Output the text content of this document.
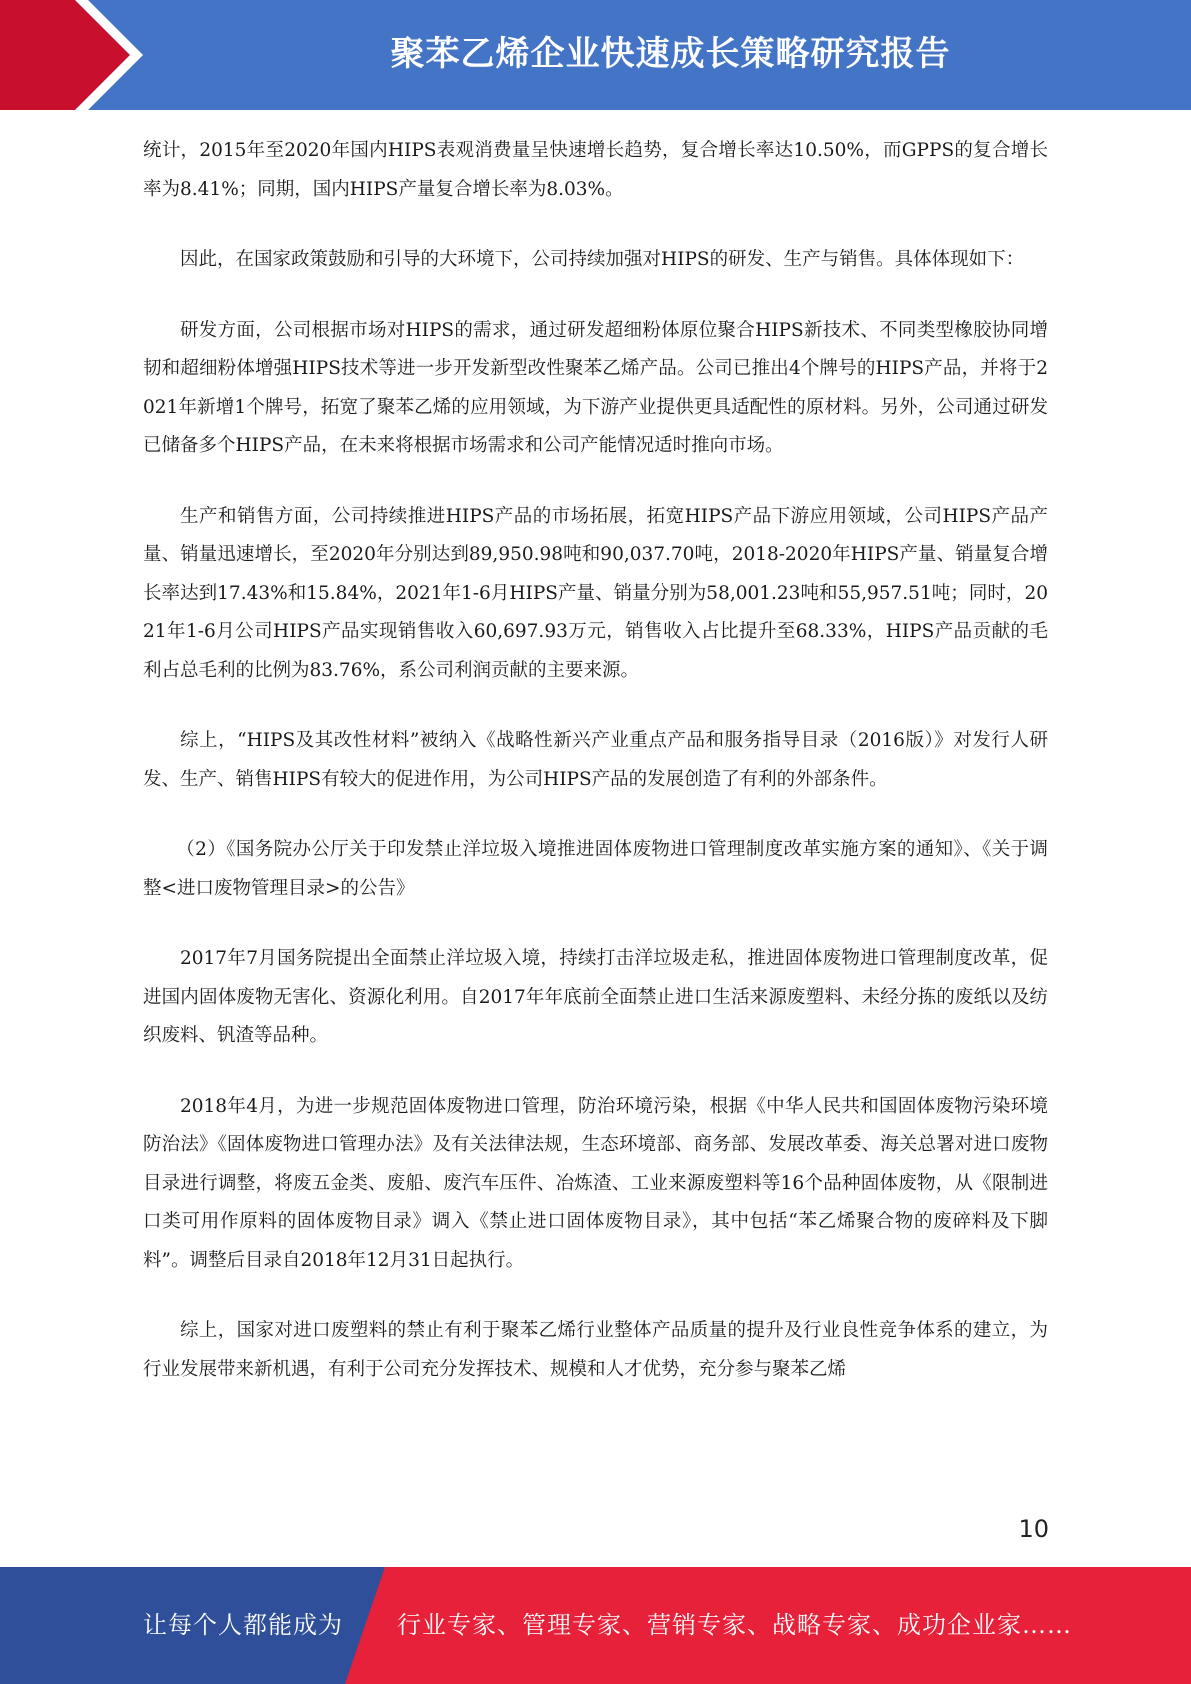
聚苯乙烯企业快速成长策略研究报告

统计，2015年至2020年国内HIPS表观消费量呈快速增长趋势，复合增长率达10.50%，而GPPS的复合增长率为8.41%；同期，国内HIPS产量复合增长率为8.03%。

因此，在国家政策鼓励和引导的大环境下，公司持续加强对HIPS的研发、生产与销售。具体体现如下：

研发方面，公司根据市场对HIPS的需求，通过研发超细粉体原位聚合HIPS新技术、不同类型橡胶协同增韧和超细粉体增强HIPS技术等进一步开发新型改性聚苯乙烯产品。公司已推出4个牌号的HIPS产品，并将于2021年新增1个牌号，拓宽了聚苯乙烯的应用领域，为下游产业提供更具适配性的原材料。另外，公司通过研发已储备多个HIPS产品，在未来将根据市场需求和公司产能情况适时推向市场。

生产和销售方面，公司持续推进HIPS产品的市场拓展，拓宽HIPS产品下游应用领域，公司HIPS产品产量、销量迅速增长，至2020年分别达到89,950.98吨和90,037.70吨，2018-2020年HIPS产量、销量复合增长率达到17.43%和15.84%，2021年1-6月HIPS产量、销量分别为58,001.23吨和55,957.51吨；同时，2021年1-6月公司HIPS产品实现销售收入60,697.93万元，销售收入占比提升至68.33%，HIPS产品贡献的毛利占总毛利的比例为83.76%，系公司利润贡献的主要来源。

综上，“HIPS及其改性材料”被纳入《战略性新兴产业重点产品和服务指导目录（2016版）》对发行人研发、生产、销售HIPS有较大的促进作用，为公司HIPS产品的发展创造了有利的外部条件。

（2）《国务院办公厅关于印发禁止洋垃圾入境推进固体废物进口管理制度改革实施方案的通知》、《关于调整<进口废物管理目录>的公告》

2017年7月国务院提出全面禁止洋垃圾入境，持续打击洋垃圾走私，推进固体废物进口管理制度改革，促进国内固体废物无害化、资源化利用。自2017年年底前全面禁止进口生活来源废塑料、未经分拣的废纸以及纺织废料、钒渣等品种。

2018年4月，为进一步规范固体废物进口管理，防治环境污染，根据《中华人民共和国固体废物污染环境防治法》《固体废物进口管理办法》及有关法律法规，生态环境部、商务部、发展改革委、海关总署对进口废物目录进行调整，将废五金类、废船、废汽车压件、冶炼渣、工业来源废塑料等16个品种固体废物，从《限制进口类可用作原料的固体废物目录》调入《禁止进口固体废物目录》，其中包括“苯乙烯聚合物的废碎料及下脚料”。调整后目录自2018年12月31日起执行。

综上，国家对进口废塑料的禁止有利于聚苯乙烯行业整体产品质量的提升及行业良性竞争体系的建立，为行业发展带来新机遇，有利于公司充分发挥技术、规模和人才优势，充分参与聚苯乙烯

10
让每个人都能成为 行业专家、管理专家、营销专家、战略专家、成功企业家……
